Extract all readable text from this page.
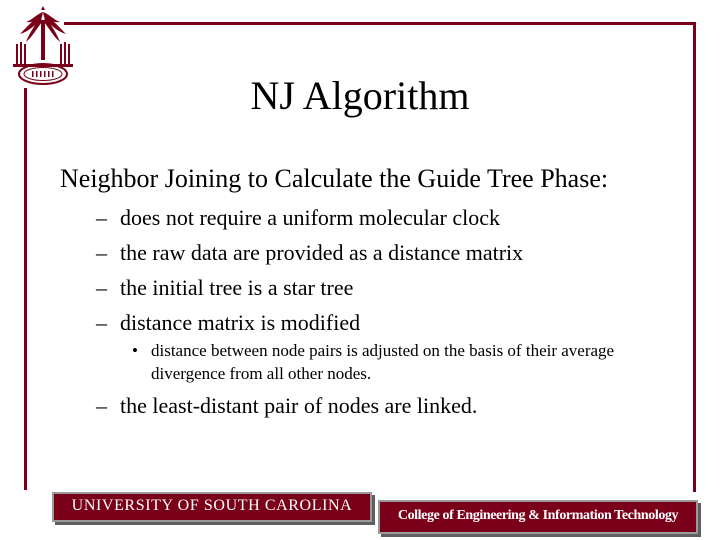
NJ Algorithm
Neighbor Joining to Calculate the Guide Tree Phase:
– does not require a uniform molecular clock
– the raw data are provided as a distance matrix
– the initial tree is a star tree
– distance matrix is modified
• distance between node pairs is adjusted on the basis of their average divergence from all other nodes.
– the least-distant pair of nodes are linked.
UNIVERSITY OF SOUTH CAROLINA
College of Engineering & Information Technology
